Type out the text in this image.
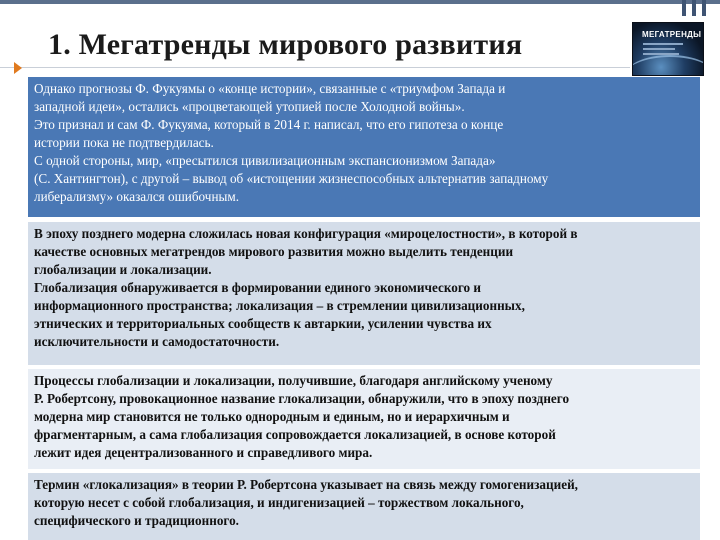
1. Мегатренды мирового развития	МЕГАТРЕНДЫ

Однако прогнозы Ф. Фукуямы о «конце истории», связанные с «триумфом Запада и

западной идеи», остались «процветающей утопией после Холодной войны».

Это признал и сам Ф. Фукуяма, который в 2014 г. написал, что его гипотеза о конце

истории пока не подтвердилась.

С одной стороны, мир, «пресытился цивилизационным экспансионизмом Запада»

(С. Хантингтон), с другой – вывод об «истощении жизнеспособных альтернатив западному

либерализму» оказался ошибочным.

В эпоху позднего модерна сложилась новая конфигурация «мироцелостности», в которой в

качестве основных мегатрендов мирового развития можно выделить тенденции

глобализации и локализации.

Глобализация обнаруживается в формировании единого экономического и

информационного пространства; локализация – в стремлении цивилизационных,

этнических и территориальных сообществ к автаркии, усилении чувства их

исключительности и самодостаточности.

Процессы глобализации и локализации, получившие, благодаря английскому ученому

Р. Робертсону, провокационное название глокализации, обнаружили, что в эпоху позднего

модерна мир становится не только однородным и единым, но и иерархичным и

фрагментарным, а сама глобализация сопровождается локализацией, в основе которой

лежит идея децентрализованного и справедливого мира.

Термин «глокализация» в теории Р. Робертсона указывает на связь между гомогенизацией,

которую несет с собой глобализация, и индигенизацией – торжеством локального,

специфического и традиционного.
